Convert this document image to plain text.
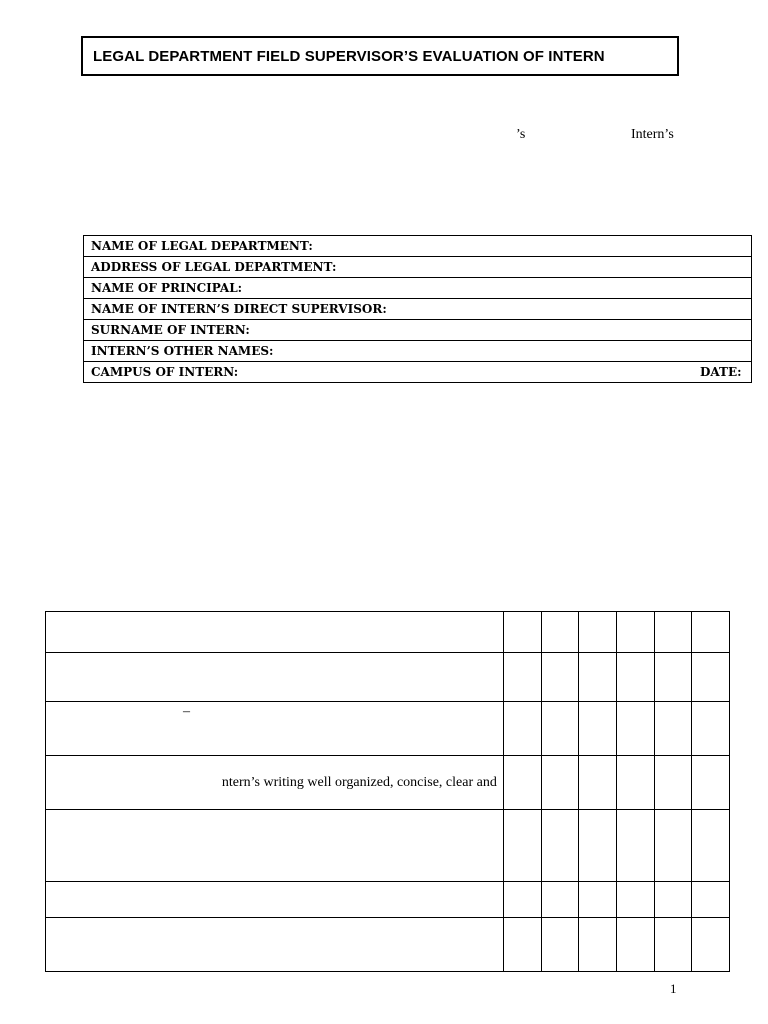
LEGAL DEPARTMENT FIELD SUPERVISOR’S EVALUATION OF INTERN
’s	Intern’s
NAME OF LEGAL DEPARTMENT:
ADDRESS OF LEGAL DEPARTMENT:
NAME OF PRINCIPAL:
NAME OF INTERN’S DIRECT SUPERVISOR:
SURNAME OF INTERN:
INTERN’S OTHER NAMES:
CAMPUS OF INTERN:	DATE:

–						

ntern’s writing well organized, concise, clear and						

1
